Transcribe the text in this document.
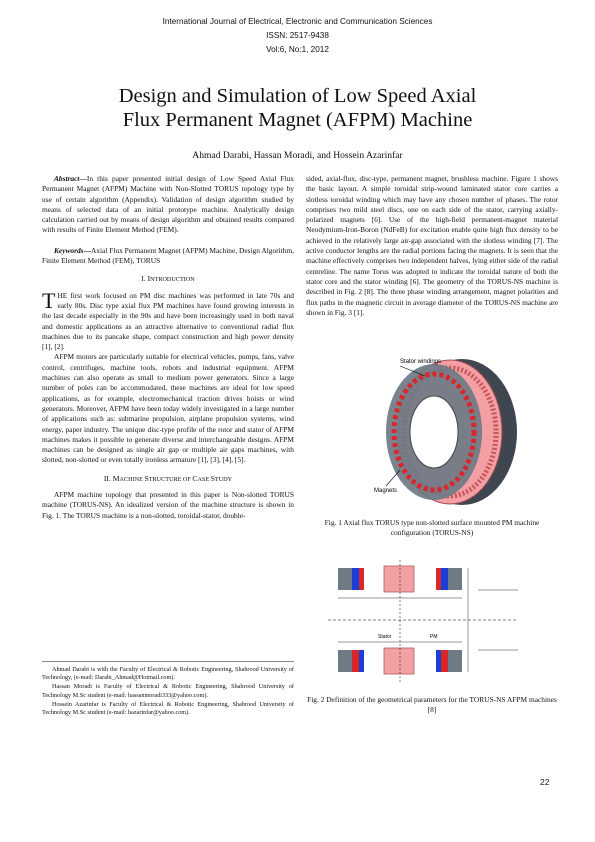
International Journal of Electrical, Electronic and Communication Sciences
ISSN: 2517-9438
Vol:6, No:1, 2012
Design and Simulation of Low Speed Axial
Flux Permanent Magnet (AFPM) Machine
Ahmad Darabi, Hassan Moradi, and Hossein Azarinfar

Abstract—In this paper presented initial design of Low Speed Axial Flux Permanent Magnet (AFPM) Machine with Non-Slotted TORUS topology type by use of certain algorithm (Appendix). Validation of design algorithm studied by means of selected data of an initial prototype machine. Analytically design calculation carried out by means of design algorithm and obtained results compared with results of Finite Element Method (FEM).

Keywords—Axial Flux Permanent Magnet (AFPM) Machine, Design Algorithm, Finite Element Method (FEM), TORUS

I. INTRODUCTION

THE first work focused on PM disc machines was performed in late 70s and early 80s. Disc type axial flux PM machines have found growing interests in the last decade especially in the 90s and have been increasingly used in both naval and domestic applications as an attractive alternative to conventional radial flux machines due to its pancake shape, compact construction and high power density [1], [2].

AFPM motors are particularly suitable for electrical vehicles, pumps, fans, valve control, centrifuges, machine tools, robots and industrial equipment. AFPM machines can also operate as small to medium power generators. Since a large number of poles can be accommodated, these machines are ideal for low speed applications, as for example, electromechanical traction drives hoists or wind generators. Moreover, AFPM have been today widely investigated in a large number of applications such as: submarine propulsion, airplane propulsion systems, wind energy, paper industry. The unique disc-type profile of the rotor and stator of AFPM machines makes it possible to generate diverse and interchangeable designs. AFPM machines can be designed as single air gap or multiple air gaps machines, with slotted, non-slotted or even totally ironless armature [1], [3], [4], [5].

II. MACHINE STRUCTURE OF CASE STUDY

AFPM machine topology that presented in this paper is Non-slotted TORUS machine (TORUS-NS). An idealized version of the machine structure is shown in Fig. 1. The TORUS machine is a non-slotted, toroidal-stator, double-

Ahmad Darabi is with the Faculty of Electrical & Robotic Engineering, Shahrood University of Technology, (e-mail: Darabi_Ahmad@Hotmail.com).

Hassan Moradi is Faculty of Electrical & Robotic Engineering, Shahrood University of Technology M.Sc student (e-mail: hassanmoradi333@yahoo.com).

Hossein Azarinfar is Faculty of Electrical & Robotic Engineering, Shahrood University of Technology M.Sc student (e-mail: hazarinfar@yahoo.com).

sided, axial-flux, disc-type, permanent magnet, brushless machine. Figure 1 shows the basic layout. A simple toroidal strip-wound laminated stator core carries a slotless toroidal winding which may have any chosen number of phases. The rotor comprises two mild steel discs, one on each side of the stator, carrying axially-polarized magnets [6]. Use of the high-field permanent-magnet material Neodymium-Iron-Boron (NdFeB) for excitation enable quite high flux density to be achieved in the relatively large air-gap associated with the slotless winding [7]. The active conductor lengths are the radial portions facing the magnets. It is seen that the machine effectively comprises two independent halves, lying either side of the radial centreline. The name Torus was adopted to indicate the toroidal nature of both the stator core and the stator winding [6]. The geometry of the TORUS-NS machine is described in Fig. 2 [8]. The three phase winding arrangement, magnet polarities and flux paths in the magnetic circuit in average diameter of the TORUS-NS machine are shown in Fig. 3 [1].

Stator windings
Magnets
Fig. 1 Axial flux TORUS type non-slotted surface mounted PM machine configuration (TORUS-NS)
Stator	PM
Fig. 2 Definition of the geometrical parameters for the TORUS-NS AFPM machines [8]
22
